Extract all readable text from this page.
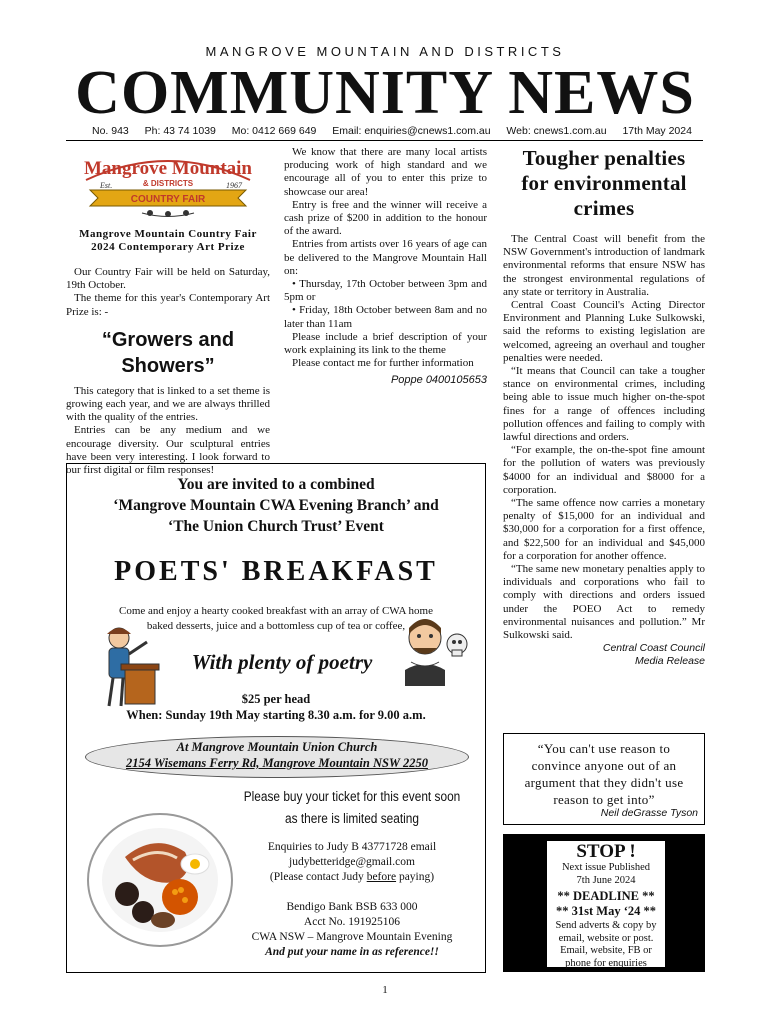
MANGROVE MOUNTAIN AND DISTRICTS
COMMUNITY NEWS
No. 943 Ph: 43 74 1039 Mo: 0412 669 649 Email: enquiries@cnews1.com.au Web: cnews1.com.au 17th May 2024
Mangrove Mountain
& DISTRICTS
COUNTRY FAIR
Est.	1967
Mangrove Mountain Country Fair
2024 Contemporary Art Prize

Our Country Fair will be held on Saturday, 19th October.

The theme for this year's Contemporary Art Prize is: -

“Growers and
Showers”

This category that is linked to a set theme is growing each year, and we are always thrilled with the quality of the entries.

Entries can be any medium and we encourage diversity. Our sculptural entries have been very interesting. I look forward to our first digital or film responses!

We know that there are many local artists producing work of high standard and we encourage all of you to enter this prize to showcase our area!

Entry is free and the winner will receive a cash prize of $200 in addition to the honour of the award.

Entries from artists over 16 years of age can be delivered to the Mangrove Mountain Hall on:

• Thursday, 17th October between 3pm and 5pm or

• Friday, 18th October between 8am and no later than 11am

Please include a brief description of your work explaining its link to the theme

Please contact me for further information

Poppe 0400105653
Tougher penalties
for environmental
crimes

The Central Coast will benefit from the NSW Government's introduction of landmark environmental reforms that ensure NSW has the strongest environmental regulations of any state or territory in Australia.

Central Coast Council's Acting Director Environment and Planning Luke Sulkowski, said the reforms to existing legislation are welcomed, agreeing an overhaul and tougher penalties were needed.

“It means that Council can take a tougher stance on environmental crimes, including being able to issue much higher on-the-spot fines for a range of offences including pollution offences and failing to comply with lawful directions and orders.

“For example, the on-the-spot fine amount for the pollution of waters was previously $4000 for an individual and $8000 for a corporation.

“The same offence now carries a monetary penalty of $15,000 for an individual and $30,000 for a corporation for a first offence, and $22,500 for an individual and $45,000 for a corporation for another offence.

“The same new monetary penalties apply to individuals and corporations who fail to comply with directions and orders issued under the POEO Act to remedy environmental nuisances and pollution.” Mr Sulkowski said.

Central Coast Council
Media Release
You are invited to a combined
‘Mangrove Mountain CWA Evening Branch’ and
‘The Union Church Trust’ Event
POETS' BREAKFAST
Come and enjoy a hearty cooked breakfast with an array of CWA home
baked desserts, juice and a bottomless cup of tea or coffee,
With plenty of poetry
$25 per head
When: Sunday 19th May starting 8.30 a.m. for 9.00 a.m.
At Mangrove Mountain Union Church
2154 Wisemans Ferry Rd, Mangrove Mountain NSW 2250
Please buy your ticket for this event soon
as there is limited seating
Enquiries to Judy B 43771728 email
judybetteridge@gmail.com
(Please contact Judy before paying)
Bendigo Bank BSB 633 000
Acct No. 191925106
CWA NSW – Mangrove Mountain Evening
And put your name in as reference!!
“You can't use reason to
convince anyone out of an
argument that they didn't use
reason to get into”
Neil deGrasse Tyson
STOP !
Next issue Published
7th June 2024
** DEADLINE **
** 31st May ‘24 **
Send adverts & copy by
email, website or post.
Email, website, FB or
phone for enquiries
1
